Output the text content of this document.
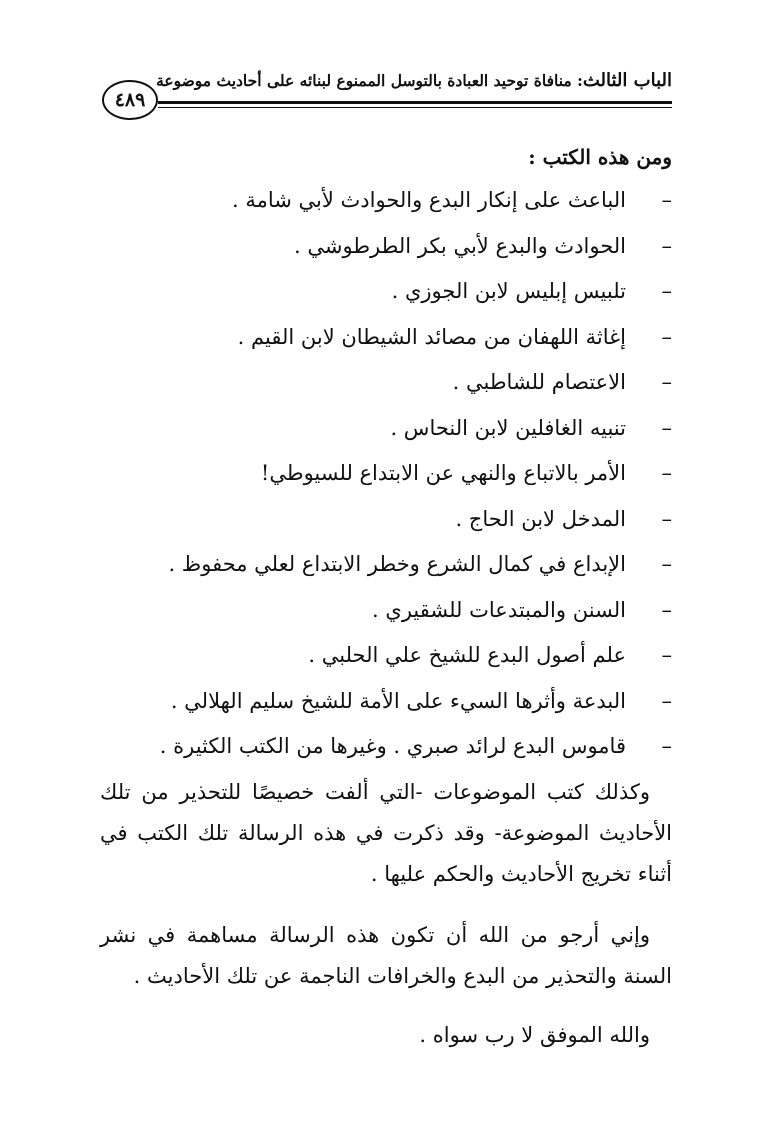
الباب الثالث: منافاة توحيد العبادة بالتوسل الممنوع لبنائه على أحاديث موضوعة
٤٨٩
ومن هذه الكتب :
–
الباعث على إنكار البدع والحوادث لأبي شامة .
–
الحوادث والبدع لأبي بكر الطرطوشي .
–
تلبيس إبليس لابن الجوزي .
–
إغاثة اللهفان من مصائد الشيطان لابن القيم .
–
الاعتصام للشاطبي .
–
تنبيه الغافلين لابن النحاس .
–
الأمر بالاتباع والنهي عن الابتداع للسيوطي!
–
المدخل لابن الحاج .
–
الإبداع في كمال الشرع وخطر الابتداع لعلي محفوظ .
–
السنن والمبتدعات للشقيري .
–
علم أصول البدع للشيخ علي الحلبي .
–
البدعة وأثرها السيء على الأمة للشيخ سليم الهلالي .
–
قاموس البدع لرائد صبري . وغيرها من الكتب الكثيرة .

وكذلك كتب الموضوعات -التي ألفت خصيصًا للتحذير من تلك الأحاديث الموضوعة- وقد ذكرت في هذه الرسالة تلك الكتب في أثناء تخريج الأحاديث والحكم عليها .

وإني أرجو من الله أن تكون هذه الرسالة مساهمة في نشر السنة والتحذير من البدع والخرافات الناجمة عن تلك الأحاديث .

والله الموفق لا رب سواه .
